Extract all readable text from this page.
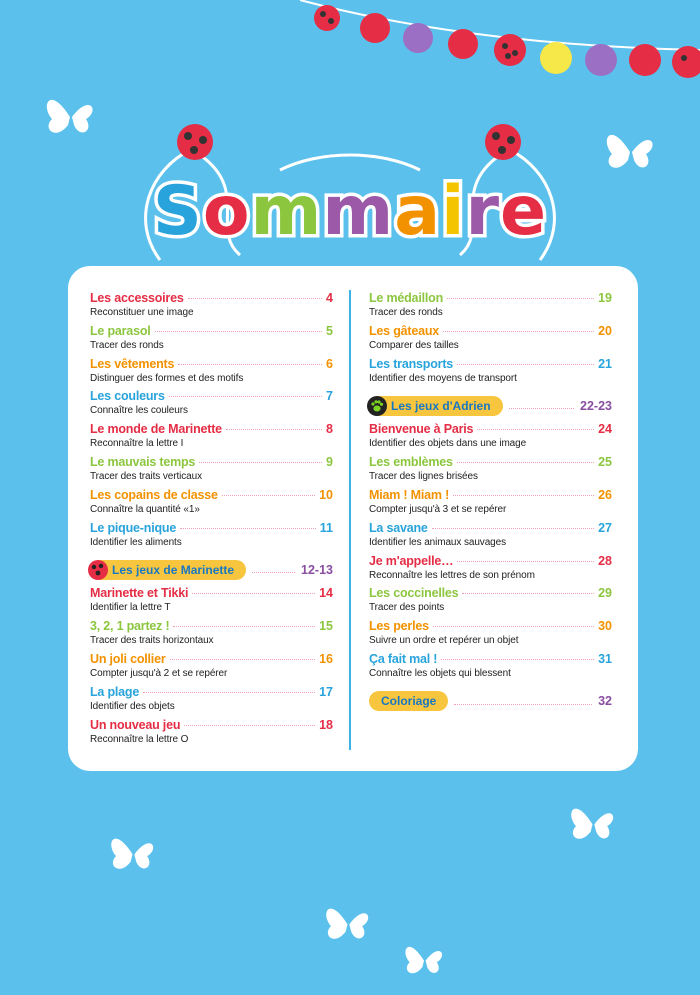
Sommaire
Les accessoires	4
Reconstituer une image
Le parasol	5
Tracer des ronds
Les vêtements	6
Distinguer des formes et des motifs
Les couleurs	7
Connaître les couleurs
Le monde de Marinette	8
Reconnaître la lettre I
Le mauvais temps	9
Tracer des traits verticaux
Les copains de classe	10
Connaître la quantité «1»
Le pique-nique	11
Identifier les aliments
Les jeux de Marinette	12-13
Marinette et Tikki	14
Identifier la lettre T
3, 2, 1 partez !	15
Tracer des traits horizontaux
Un joli collier	16
Compter jusqu'à 2 et se repérer
La plage	17
Identifier des objets
Un nouveau jeu	18
Reconnaître la lettre O
Le médaillon	19
Tracer des ronds
Les gâteaux	20
Comparer des tailles
Les transports	21
Identifier des moyens de transport
Les jeux d'Adrien	22-23
Bienvenue à Paris	24
Identifier des objets dans une image
Les emblèmes	25
Tracer des lignes brisées
Miam ! Miam !	26
Compter jusqu'à 3 et se repérer
La savane	27
Identifier les animaux sauvages
Je m'appelle…	28
Reconnaître les lettres de son prénom
Les coccinelles	29
Tracer des points
Les perles	30
Suivre un ordre et repérer un objet
Ça fait mal !	31
Connaître les objets qui blessent
Coloriage	32
